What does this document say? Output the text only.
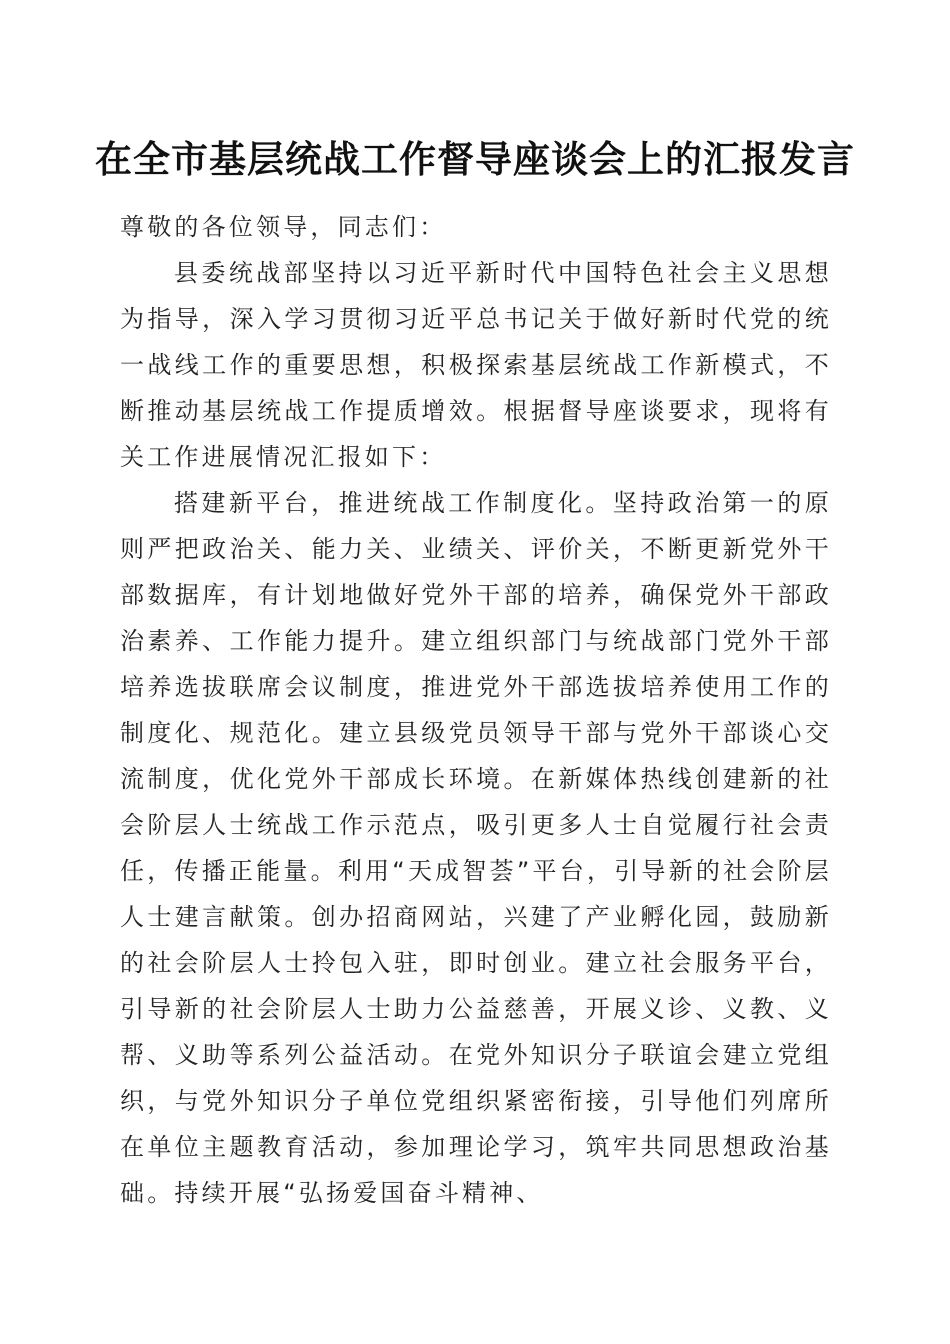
在全市基层统战工作督导座谈会上的汇报发言

尊敬的各位领导，同志们：

县委统战部坚持以习近平新时代中国特色社会主义思想为指导，深入学习贯彻习近平总书记关于做好新时代党的统一战线工作的重要思想，积极探索基层统战工作新模式，不断推动基层统战工作提质增效。根据督导座谈要求，现将有关工作进展情况汇报如下：

搭建新平台，推进统战工作制度化。坚持政治第一的原则严把政治关、能力关、业绩关、评价关，不断更新党外干部数据库，有计划地做好党外干部的培养，确保党外干部政治素养、工作能力提升。建立组织部门与统战部门党外干部培养选拔联席会议制度，推进党外干部选拔培养使用工作的制度化、规范化。建立县级党员领导干部与党外干部谈心交流制度，优化党外干部成长环境。在新媒体热线创建新的社会阶层人士统战工作示范点，吸引更多人士自觉履行社会责任，传播正能量。利用“天成智荟”平台，引导新的社会阶层人士建言献策。创办招商网站，兴建了产业孵化园，鼓励新的社会阶层人士拎包入驻，即时创业。建立社会服务平台，引导新的社会阶层人士助力公益慈善，开展义诊、义教、义帮、义助等系列公益活动。在党外知识分子联谊会建立党组织，与党外知识分子单位党组织紧密衔接，引导他们列席所在单位主题教育活动，参加理论学习，筑牢共同思想政治基础。持续开展“弘扬爱国奋斗精神、
